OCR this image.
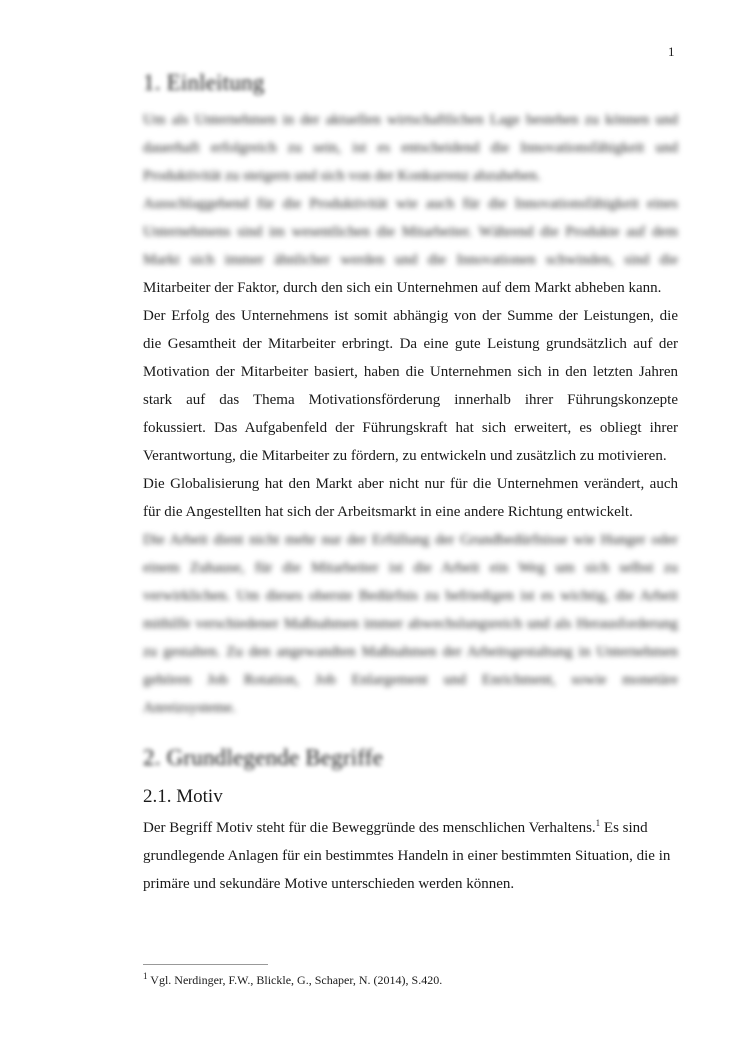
1
1. Einleitung
Um als Unternehmen in der aktuellen wirtschaftlichen Lage bestehen zu können und
dauerhaft erfolgreich zu sein, ist es entscheidend die Innovationsfähigkeit und
Produktivität zu steigern und sich von der Konkurrenz abzuheben.
Ausschlaggebend für die Produktivität wie auch für die Innovationsfähigkeit eines
Unternehmens sind im wesentlichen die Mitarbeiter. Während die Produkte auf dem
Markt sich immer ähnlicher werden und die Innovationen schwinden, sind die
Mitarbeiter der Faktor, durch den sich ein Unternehmen auf dem Markt abheben kann.
Der Erfolg des Unternehmens ist somit abhängig von der Summe der Leistungen, die
die Gesamtheit der Mitarbeiter erbringt. Da eine gute Leistung grundsätzlich auf der
Motivation der Mitarbeiter basiert, haben die Unternehmen sich in den letzten Jahren
stark auf das Thema Motivationsförderung innerhalb ihrer Führungskonzepte
fokussiert. Das Aufgabenfeld der Führungskraft hat sich erweitert, es obliegt ihrer
Verantwortung, die Mitarbeiter zu fördern, zu entwickeln und zusätzlich zu motivieren.
Die Globalisierung hat den Markt aber nicht nur für die Unternehmen verändert, auch
für die Angestellten hat sich der Arbeitsmarkt in eine andere Richtung entwickelt.
Die Arbeit dient nicht mehr nur der Erfüllung der Grundbedürfnisse wie Hunger oder
einem Zuhause, für die Mitarbeiter ist die Arbeit ein Weg um sich selbst zu
verwirklichen. Um dieses oberste Bedürfnis zu befriedigen ist es wichtig, die Arbeit
mithilfe verschiedener Maßnahmen immer abwechslungsreich und als Herausforderung
zu gestalten. Zu den angewandten Maßnahmen der Arbeitsgestaltung in Unternehmen
gehören Job Rotation, Job Enlargement und Enrichment, sowie monetäre
Anreizsysteme.
2. Grundlegende Begriffe
2.1. Motiv
Der Begriff Motiv steht für die Beweggründe des menschlichen Verhaltens.$^1$ Es sind
grundlegende Anlagen für ein bestimmtes Handeln in einer bestimmten Situation, die in
primäre und sekundäre Motive unterschieden werden können.
$^1$ Vgl. Nerdinger, F.W., Blickle, G., Schaper, N. (2014), S.420.
